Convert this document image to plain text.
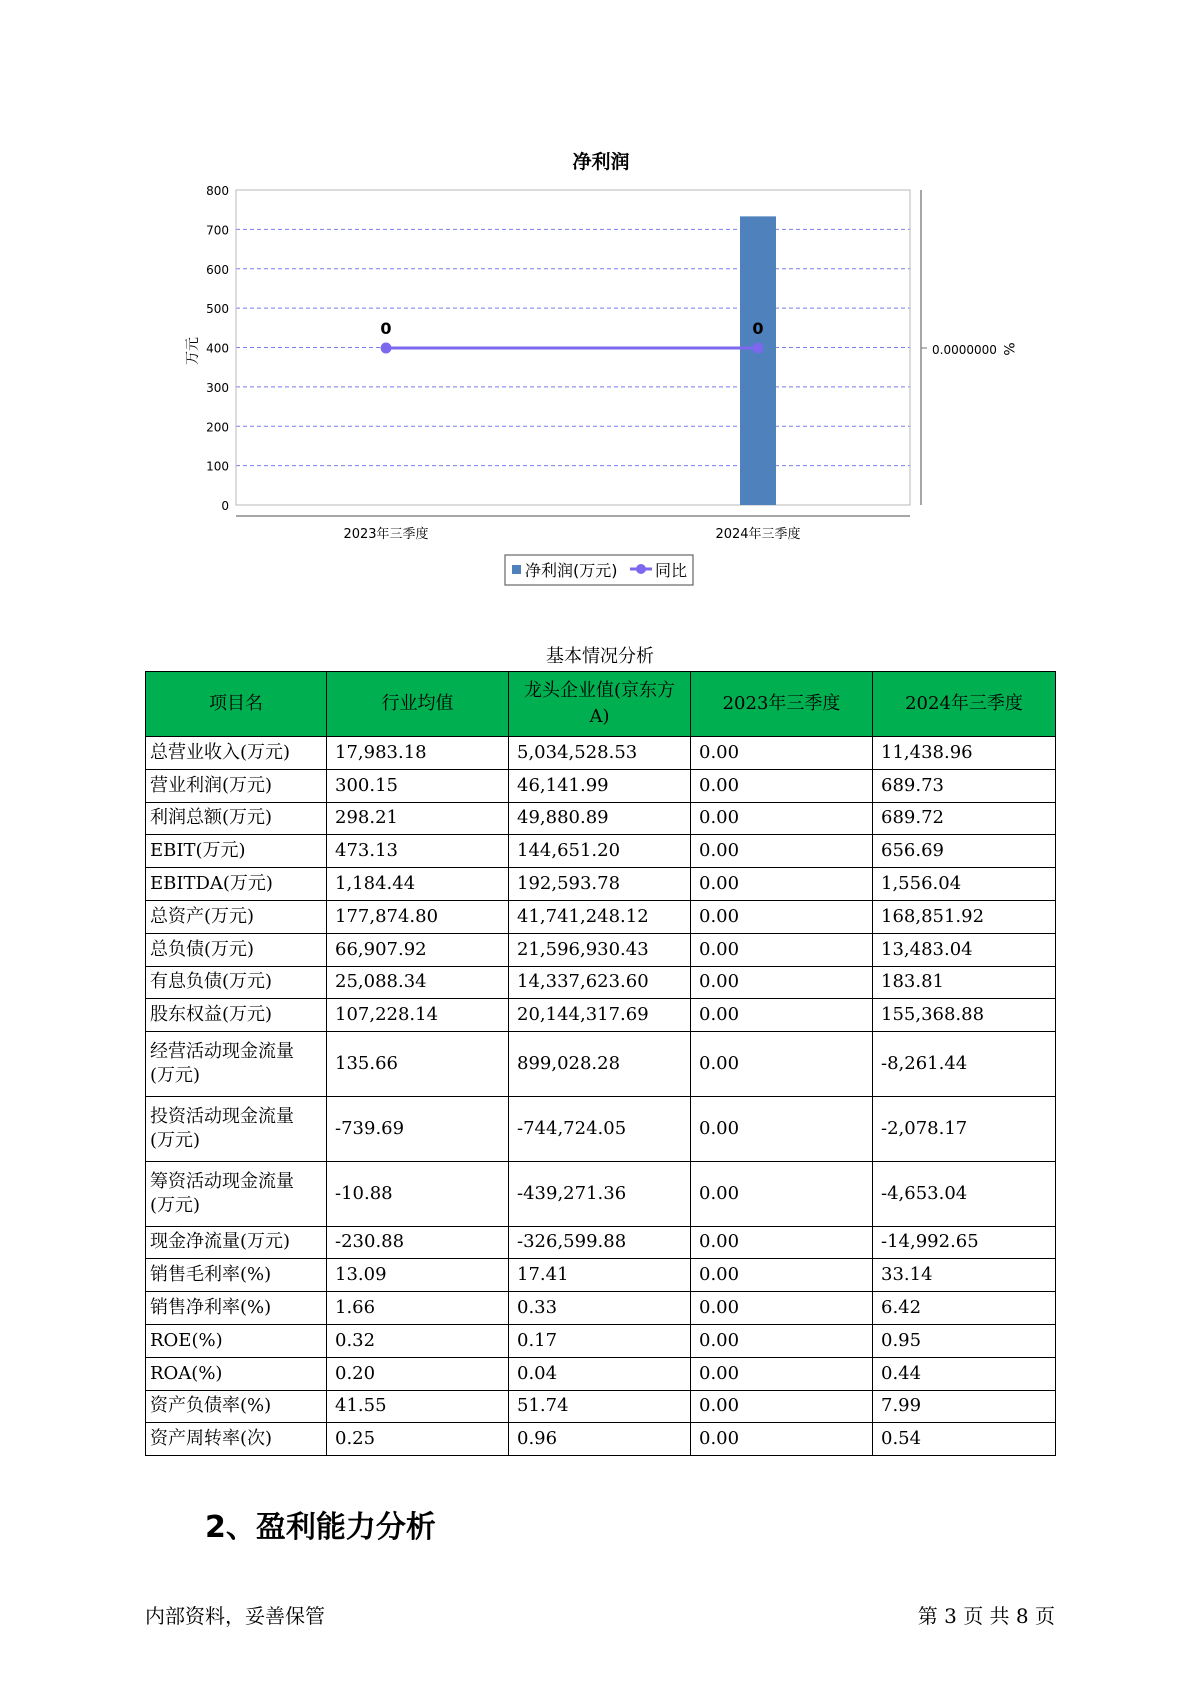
净利润
0
100
200
300
400
500
600
700
800
万元	0.0000000 %
0	0
2023年三季度	2024年三季度
净利润(万元) 同比
基本情况分析
项目名	行业均值	龙头企业值(京东方A)	2023年三季度	2024年三季度
总营业收入(万元)	17,983.18	5,034,528.53	0.00	11,438.96
营业利润(万元)	300.15	46,141.99	0.00	689.73
利润总额(万元)	298.21	49,880.89	0.00	689.72
EBIT(万元)	473.13	144,651.20	0.00	656.69
EBITDA(万元)	1,184.44	192,593.78	0.00	1,556.04
总资产(万元)	177,874.80	41,741,248.12	0.00	168,851.92
总负债(万元)	66,907.92	21,596,930.43	0.00	13,483.04
有息负债(万元)	25,088.34	14,337,623.60	0.00	183.81
股东权益(万元)	107,228.14	20,144,317.69	0.00	155,368.88
经营活动现金流量(万元)	135.66	899,028.28	0.00	-8,261.44
投资活动现金流量(万元)	-739.69	-744,724.05	0.00	-2,078.17
筹资活动现金流量(万元)	-10.88	-439,271.36	0.00	-4,653.04
现金净流量(万元)	-230.88	-326,599.88	0.00	-14,992.65
销售毛利率(%)	13.09	17.41	0.00	33.14
销售净利率(%)	1.66	0.33	0.00	6.42
ROE(%)	0.32	0.17	0.00	0.95
ROA(%)	0.20	0.04	0.00	0.44
资产负债率(%)	41.55	51.74	0.00	7.99
资产周转率(次)	0.25	0.96	0.00	0.54
2、盈利能力分析
内部资料，妥善保管	第 3 页 共 8 页
